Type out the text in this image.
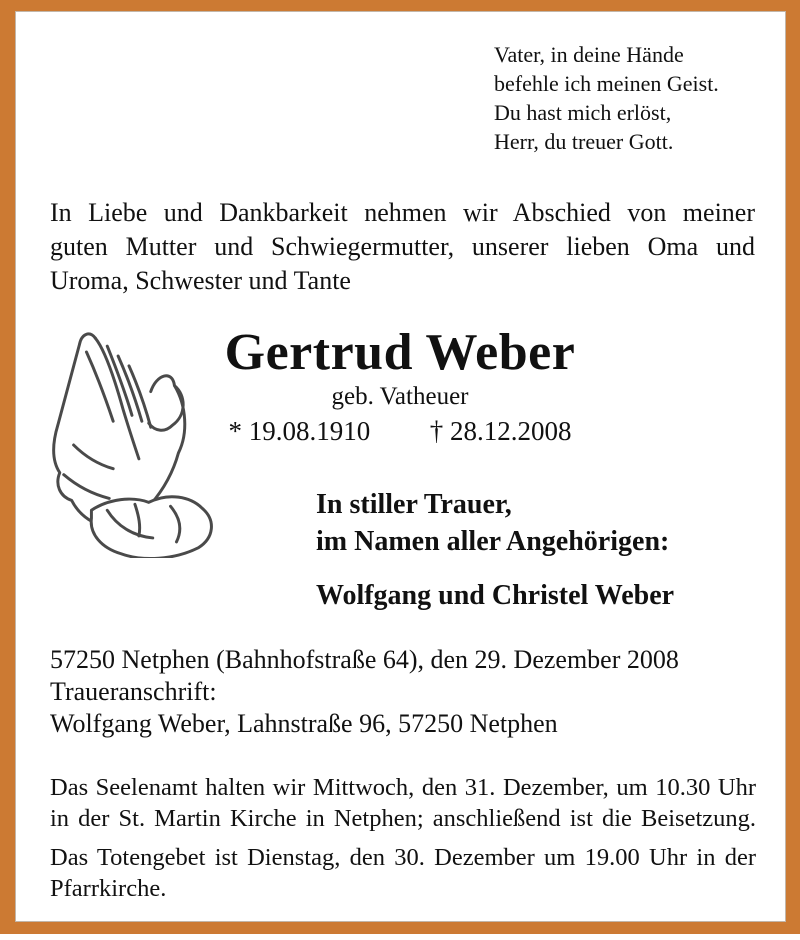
Vater, in deine Hände
befehle ich meinen Geist.
Du hast mich erlöst,
Herr, du treuer Gott.
In Liebe und Dankbarkeit nehmen wir Abschied von meiner
guten Mutter und Schwiegermutter, unserer lieben Oma und
Uroma, Schwester und Tante
Gertrud Weber
geb. Vatheuer
* 19.08.1910 † 28.12.2008
In stiller Trauer,
im Namen aller Angehörigen:
Wolfgang und Christel Weber
57250 Netphen (Bahnhofstraße 64), den 29. Dezember 2008
Traueranschrift:
Wolfgang Weber, Lahnstraße 96, 57250 Netphen
Das Seelenamt halten wir Mittwoch, den 31. Dezember, um 10.30 Uhr
in der St. Martin Kirche in Netphen; anschließend ist die Beisetzung.
Das Totengebet ist Dienstag, den 30. Dezember um 19.00 Uhr in der
Pfarrkirche.
